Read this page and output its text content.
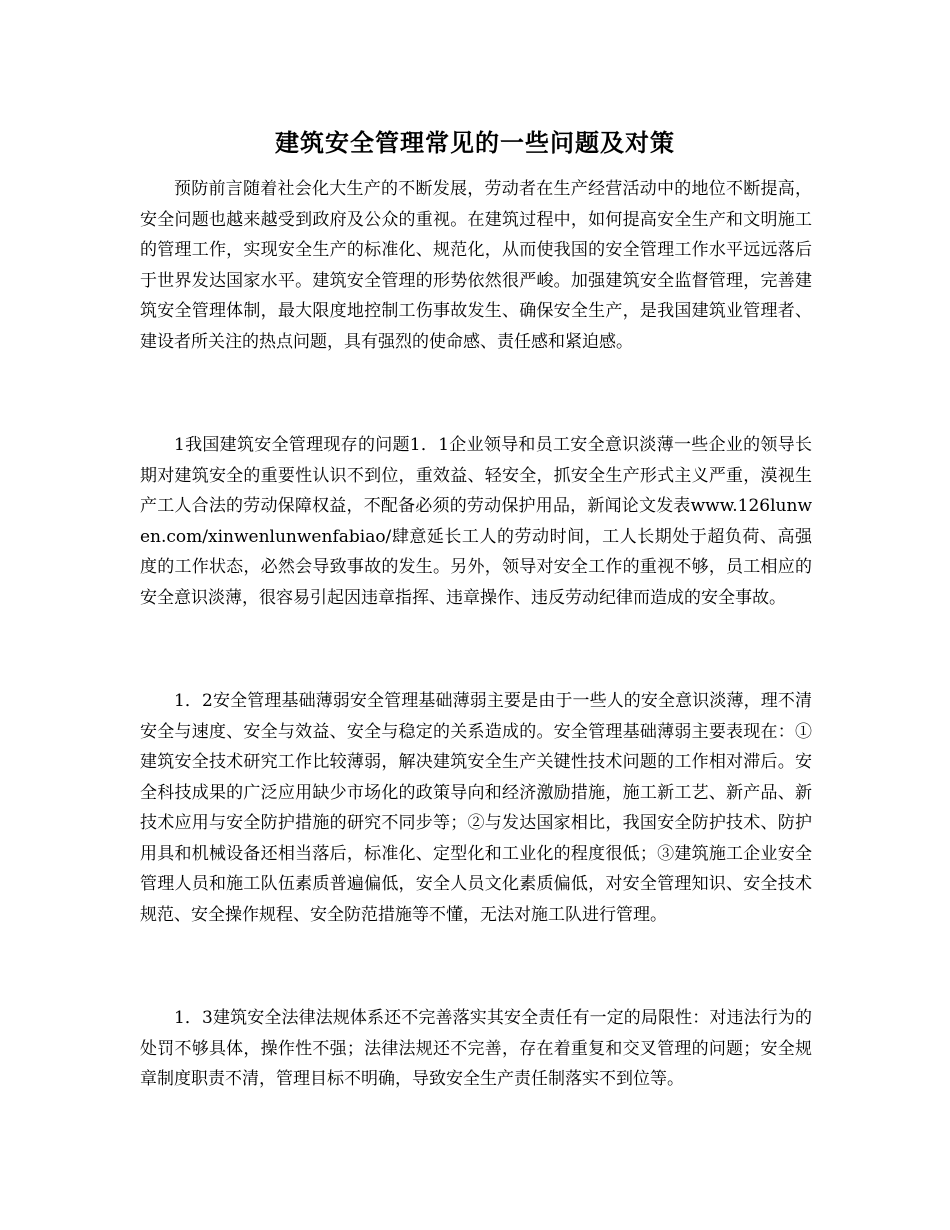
建筑安全管理常见的一些问题及对策

预防前言随着社会化大生产的不断发展，劳动者在生产经营活动中的地位不断提高，安全问题也越来越受到政府及公众的重视。在建筑过程中，如何提高安全生产和文明施工的管理工作，实现安全生产的标准化、规范化，从而使我国的安全管理工作水平远远落后于世界发达国家水平。建筑安全管理的形势依然很严峻。加强建筑安全监督管理，完善建筑安全管理体制，最大限度地控制工伤事故发生、确保安全生产，是我国建筑业管理者、建设者所关注的热点问题，具有强烈的使命感、责任感和紧迫感。

1我国建筑安全管理现存的问题1．1企业领导和员工安全意识淡薄一些企业的领导长期对建筑安全的重要性认识不到位，重效益、轻安全，抓安全生产形式主义严重，漠视生产工人合法的劳动保障权益，不配备必须的劳动保护用品，新闻论文发表www.126lunwen.com/xinwenlunwenfabiao/肆意延长工人的劳动时间，工人长期处于超负荷、高强度的工作状态，必然会导致事故的发生。另外，领导对安全工作的重视不够，员工相应的安全意识淡薄，很容易引起因违章指挥、违章操作、违反劳动纪律而造成的安全事故。

1．2安全管理基础薄弱安全管理基础薄弱主要是由于一些人的安全意识淡薄，理不清安全与速度、安全与效益、安全与稳定的关系造成的。安全管理基础薄弱主要表现在：①建筑安全技术研究工作比较薄弱，解决建筑安全生产关键性技术问题的工作相对滞后。安全科技成果的广泛应用缺少市场化的政策导向和经济激励措施，施工新工艺、新产品、新技术应用与安全防护措施的研究不同步等；②与发达国家相比，我国安全防护技术、防护用具和机械设备还相当落后，标准化、定型化和工业化的程度很低；③建筑施工企业安全管理人员和施工队伍素质普遍偏低，安全人员文化素质偏低，对安全管理知识、安全技术规范、安全操作规程、安全防范措施等不懂，无法对施工队进行管理。

1．3建筑安全法律法规体系还不完善落实其安全责任有一定的局限性：对违法行为的处罚不够具体，操作性不强；法律法规还不完善，存在着重复和交叉管理的问题；安全规章制度职责不清，管理目标不明确，导致安全生产责任制落实不到位等。
